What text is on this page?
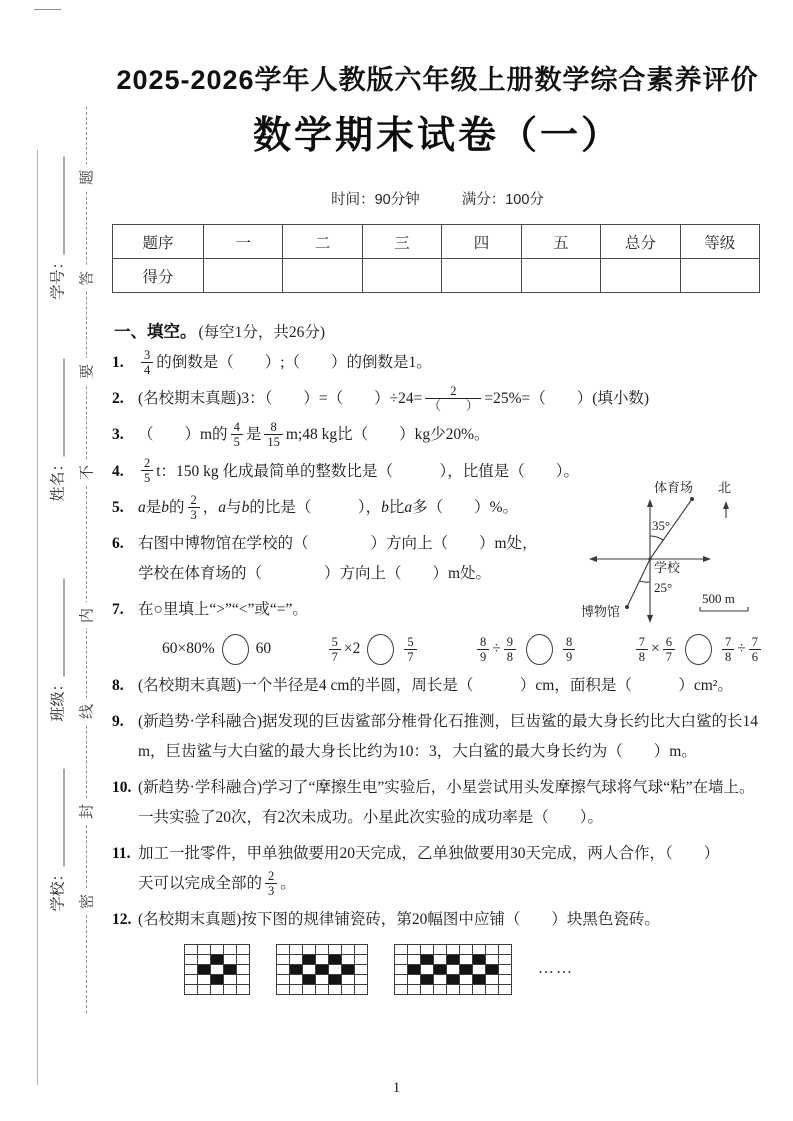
学号：
姓名：
班级：
学校：
题
答
要
不
内
线
封
密
2025-2026学年人教版六年级上册数学综合素养评价
数学期末试卷（一）
时间：90分钟	满分：100分
体育场 北
35°
学校
25°
博物馆
500 m
题序	一	二	三	四	五	总分	等级
得分							
一、填空。 (每空1分，共26分)
1. $\frac{3}{4}$ 的倒数是（　　）;（　　）的倒数是1。
2. (名校期末真题)3：（　　）=（　　）$\div 24= \frac{2}{( )} =25\%=$（　　）(填小数)
3. （　　）m的 $\frac{4}{5}$ 是 $\frac{8}{15}$ m;48 kg比（　　）kg少20%。
4. $\frac{2}{5}$ t：150 kg 化成最简单的整数比是（　　　），比值是（　　）。
5. a是b的 $\frac{2}{3}$ ，a与b的比是（　　　），b比a多（　　）%。
6. 右图中博物馆在学校的（　　　　）方向上（　　）m处，
学校在体育场的（　　　　）方向上（　　）m处。
7. 在○里填上“>”“<”或“=”。
60×80%	60	$\frac{5}{7} \times 2$	$\frac{5}{7}$	$\frac{8}{9} \div \frac{9}{8}$	$\frac{8}{9}$	$\frac{7}{8} \times \frac{6}{7}$	$\frac{7}{8} \div \frac{7}{6}$
8. (名校期末真题)一个半径是4 cm的半圆，周长是（　　　）cm，面积是（　　　）cm²。
9. (新趋势·学科融合)据发现的巨齿鲨部分椎骨化石推测，巨齿鲨的最大身长约比大白鲨的长14 m，巨齿鲨与大白鲨的最大身长比约为10：3，大白鲨的最大身长约为（　　）m。
10. (新趋势·学科融合)学习了“摩擦生电”实验后，小星尝试用头发摩擦气球将气球“粘”在墙上。一共实验了20次，有2次未成功。小星此次实验的成功率是（　　）。
11. 加工一批零件，甲单独做要用20天完成，乙单独做要用30天完成，两人合作，（　　）
天可以完成全部的 $\frac{2}{3}$ 。
12. (名校期末真题)按下图的规律铺瓷砖，第20幅图中应铺（　　）块黑色瓷砖。
……
1
